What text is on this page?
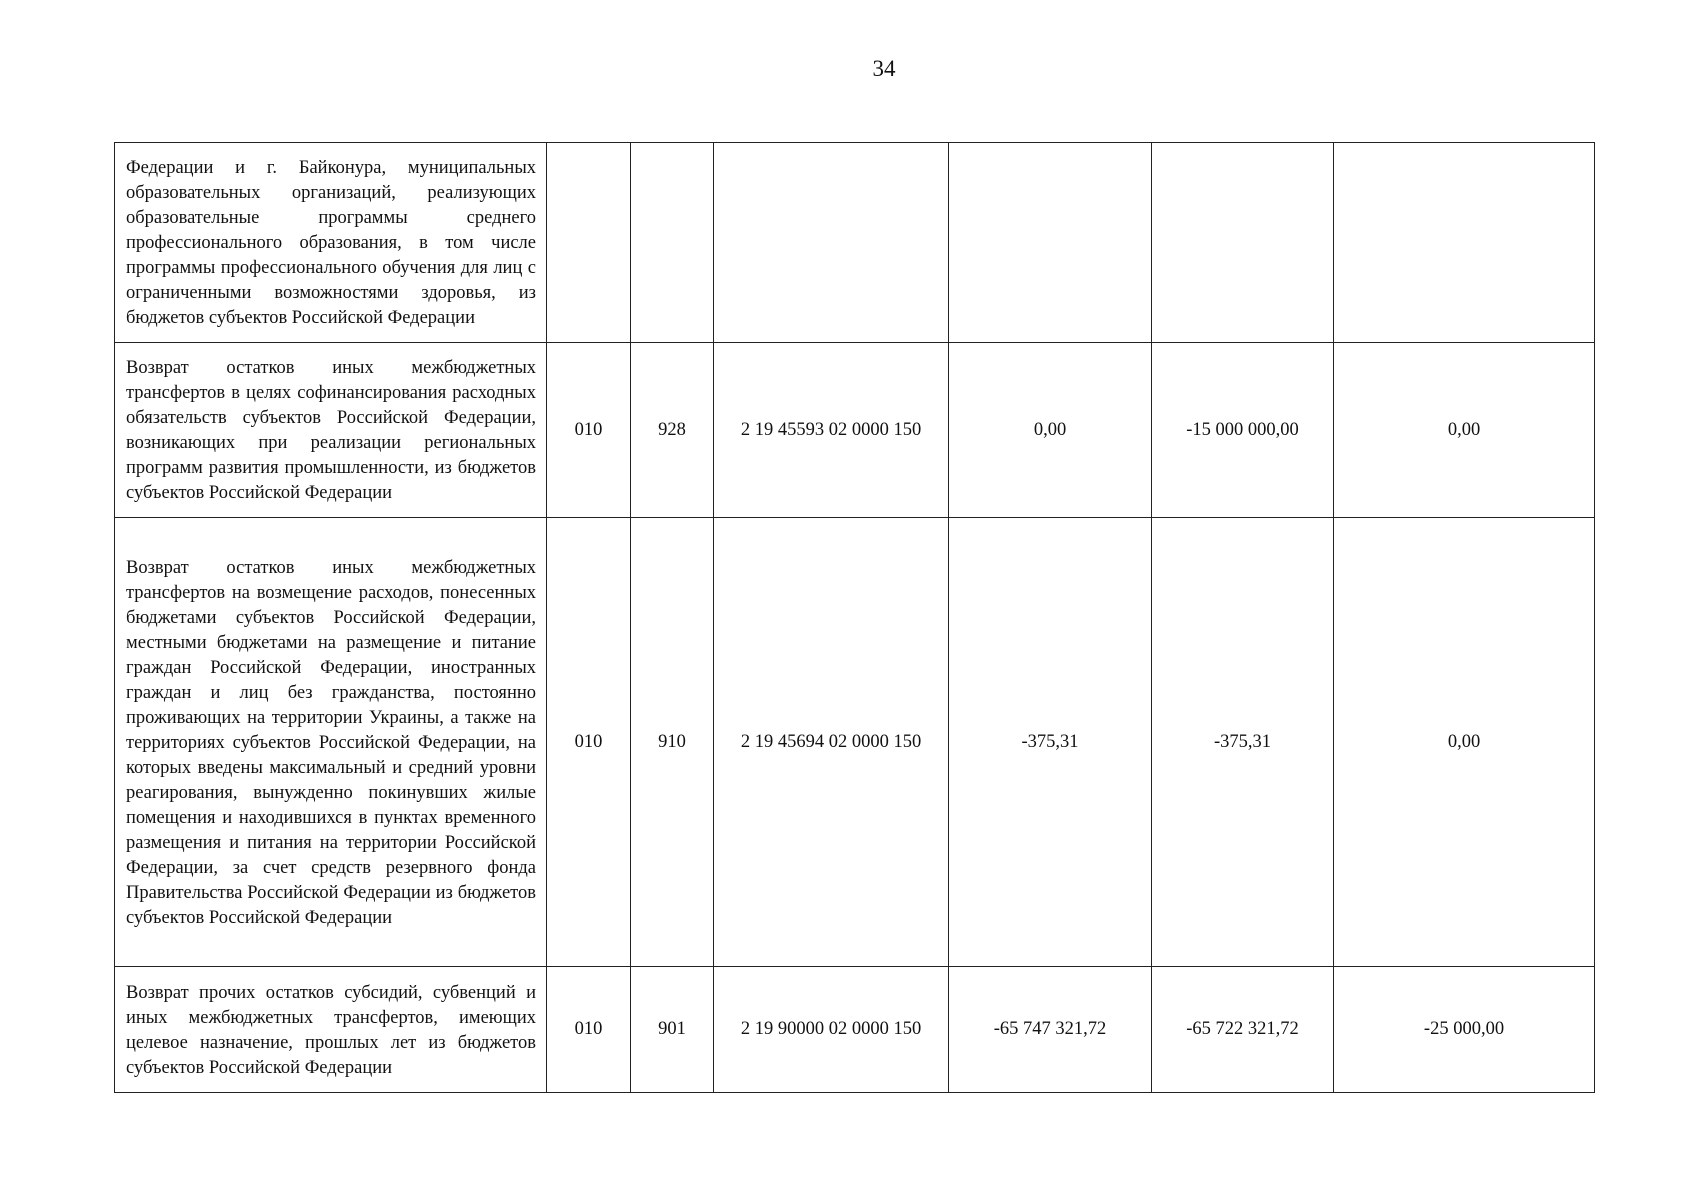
34
Федерации и г. Байконура, муниципальных образовательных организаций, реализующих образовательные программы среднего профессионального образования, в том числе программы профессионального обучения для лиц с ограниченными возможностями здоровья, из бюджетов субъектов Российской Федерации						
Возврат остатков иных межбюджетных трансфертов в целях софинансирования расходных обязательств субъектов Российской Федерации, возникающих при реализации региональных программ развития промышленности, из бюджетов субъектов Российской Федерации	010	928	2 19 45593 02 0000 150	0,00	-15 000 000,00	0,00
Возврат остатков иных межбюджетных трансфертов на возмещение расходов, понесенных бюджетами субъектов Российской Федерации, местными бюджетами на размещение и питание граждан Российской Федерации, иностранных граждан и лиц без гражданства, постоянно проживающих на территории Украины, а также на территориях субъектов Российской Федерации, на которых введены максимальный и средний уровни реагирования, вынужденно покинувших жилые помещения и находившихся в пунктах временного размещения и питания на территории Российской Федерации, за счет средств резервного фонда Правительства Российской Федерации из бюджетов субъектов Российской Федерации	010	910	2 19 45694 02 0000 150	-375,31	-375,31	0,00
Возврат прочих остатков субсидий, субвенций и иных межбюджетных трансфертов, имеющих целевое назначение, прошлых лет из бюджетов субъектов Российской Федерации	010	901	2 19 90000 02 0000 150	-65 747 321,72	-65 722 321,72	-25 000,00
